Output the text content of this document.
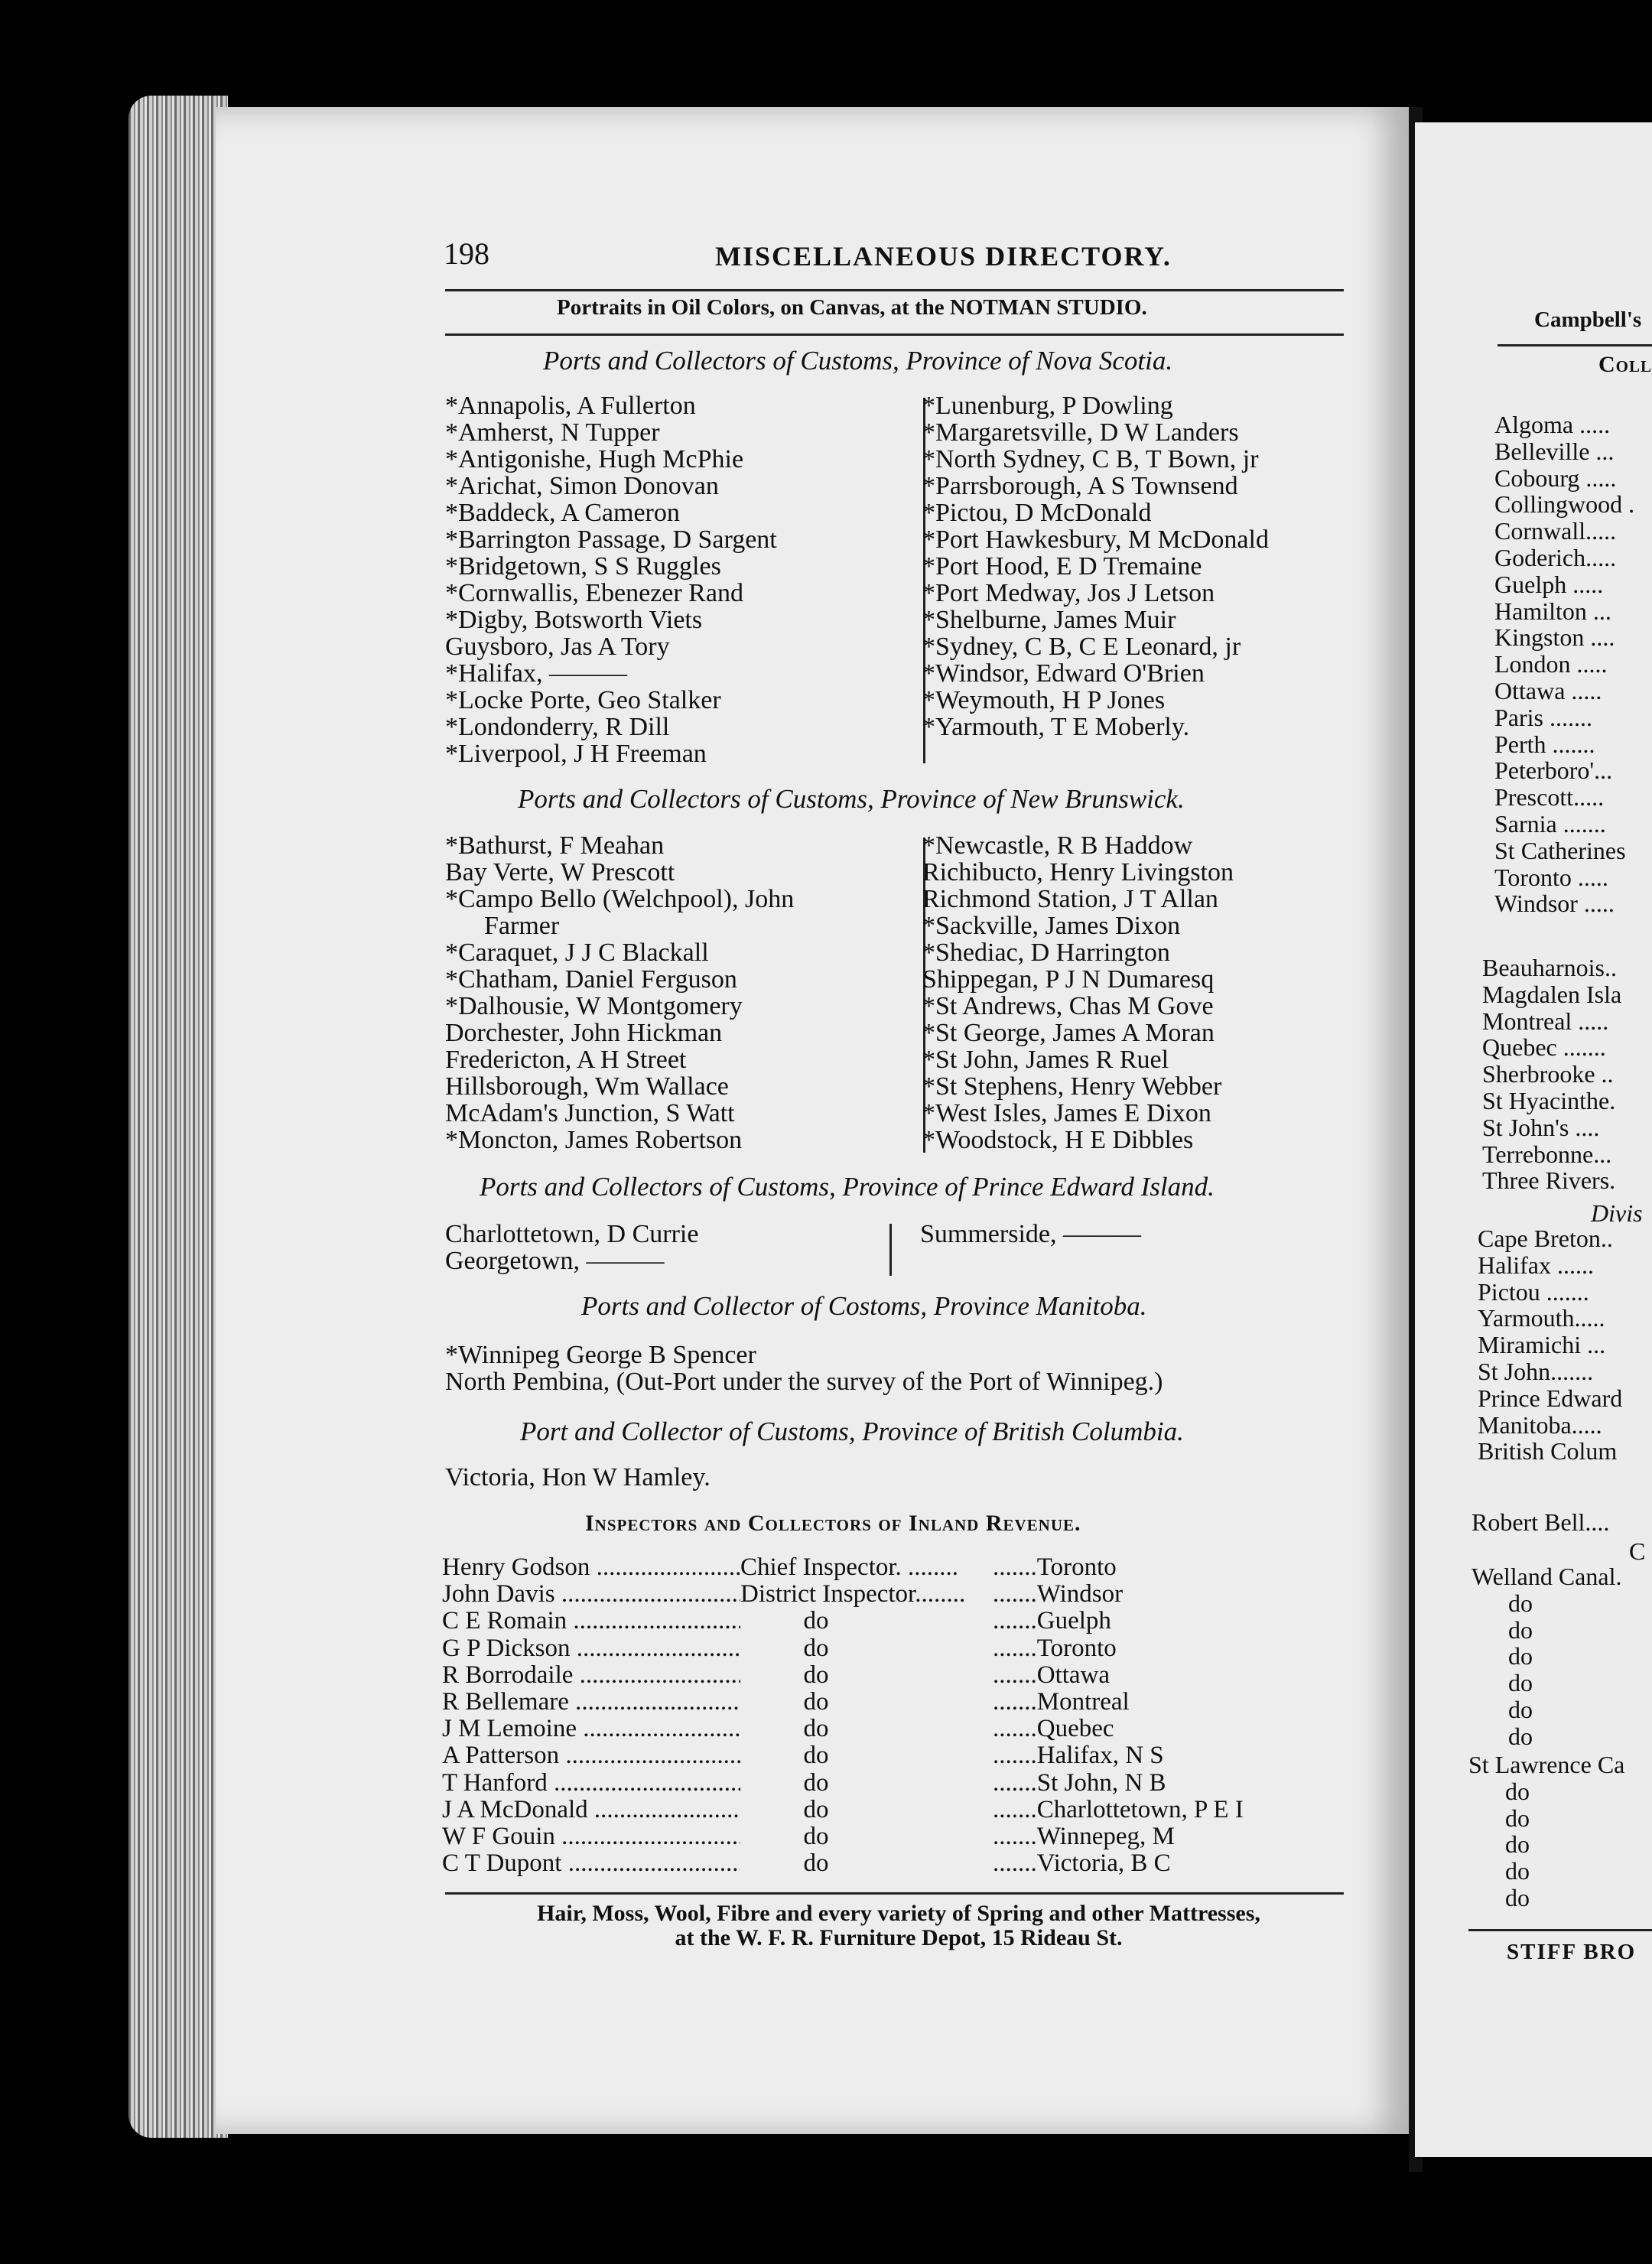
198	MISCELLANEOUS DIRECTORY.
Portraits in Oil Colors, on Canvas, at the NOTMAN STUDIO.
Ports and Collectors of Customs, Province of Nova Scotia.
*Annapolis, A Fullerton
*Amherst, N Tupper
*Antigonishe, Hugh McPhie
*Arichat, Simon Donovan
*Baddeck, A Cameron
*Barrington Passage, D Sargent
*Bridgetown, S S Ruggles
*Cornwallis, Ebenezer Rand
*Digby, Botsworth Viets
Guysboro, Jas A Tory
*Halifax, ———
*Locke Porte, Geo Stalker
*Londonderry, R Dill
*Liverpool, J H Freeman
*Lunenburg, P Dowling
*Margaretsville, D W Landers
*North Sydney, C B, T Bown, jr
*Parrsborough, A S Townsend
*Pictou, D McDonald
*Port Hawkesbury, M McDonald
*Port Hood, E D Tremaine
*Port Medway, Jos J Letson
*Shelburne, James Muir
*Sydney, C B, C E Leonard, jr
*Windsor, Edward O'Brien
*Weymouth, H P Jones
*Yarmouth, T E Moberly.
Ports and Collectors of Customs, Province of New Brunswick.
*Bathurst, F Meahan
Bay Verte, W Prescott
*Campo Bello (Welchpool), John
Farmer
*Caraquet, J J C Blackall
*Chatham, Daniel Ferguson
*Dalhousie, W Montgomery
Dorchester, John Hickman
Fredericton, A H Street
Hillsborough, Wm Wallace
McAdam's Junction, S Watt
*Moncton, James Robertson
*Newcastle, R B Haddow
Richibucto, Henry Livingston
Richmond Station, J T Allan
*Sackville, James Dixon
*Shediac, D Harrington
Shippegan, P J N Dumaresq
*St Andrews, Chas M Gove
*St George, James A Moran
*St John, James R Ruel
*St Stephens, Henry Webber
*West Isles, James E Dixon
*Woodstock, H E Dibbles
Ports and Collectors of Customs, Province of Prince Edward Island.
Charlottetown, D Currie
Georgetown, ———
Summerside, ———
Ports and Collector of Costoms, Province Manitoba.
*Winnipeg George B Spencer
North Pembina, (Out-Port under the survey of the Port of Winnipeg.)
Port and Collector of Customs, Province of British Columbia.
Victoria, Hon W Hamley.
Inspectors and Collectors of Inland Revenue.
Henry Godson .....	Chief Inspector. ........	....... Toronto
John Davis .....	District Inspector........	....... Windsor
C E Romain .....	do	....... Guelph
G P Dickson .....	do	....... Toronto
R Borrodaile .....	do	....... Ottawa
R Bellemare .....	do	....... Montreal
J M Lemoine .....	do	....... Quebec
A Patterson .....	do	....... Halifax, N S
T Hanford .....	do	....... St John, N B
J A McDonald .....	do	....... Charlottetown, P E I
W F Gouin .....	do	....... Winnepeg, M
C T Dupont .....	do	....... Victoria, B C
Hair, Moss, Wool, Fibre and every variety of Spring and other Mattresses,
at the W. F. R. Furniture Depot, 15 Rideau St.
Campbell's
Coll
Algoma .....
Belleville ...
Cobourg .....
Collingwood .
Cornwall.....
Goderich.....
Guelph .....
Hamilton ...
Kingston ....
London .....
Ottawa .....
Paris .......
Perth .......
Peterboro'...
Prescott.....
Sarnia .......
St Catherines
Toronto .....
Windsor .....
Beauharnois..
Magdalen Isla
Montreal .....
Quebec .......
Sherbrooke ..
St Hyacinthe.
St John's ....
Terrebonne...
Three Rivers.
Divis
Cape Breton..
Halifax ......
Pictou .......
Yarmouth.....
Miramichi ...
St John.......
Prince Edward
Manitoba.....
British Colum
Robert Bell....
C
Welland Canal.
do
do
do
do
do
do
St Lawrence Ca
do
do
do
do
do
STIFF BRO
